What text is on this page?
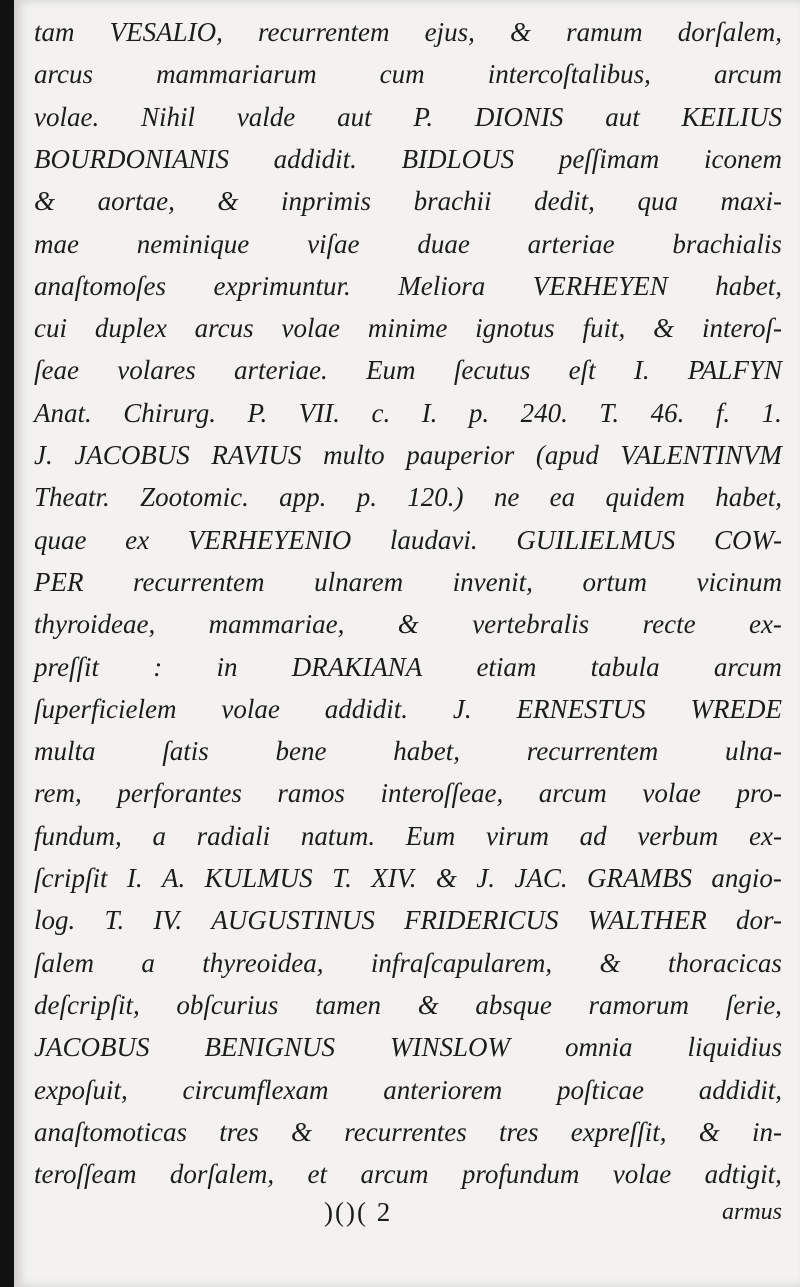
tam VESALIO, recurrentem ejus, & ramum dorſalem,
arcus mammariarum cum intercoſtalibus, arcum
volae. Nihil valde aut P. DIONIS aut KEILIUS
BOURDONIANIS addidit. BIDLOUS peſſimam iconem
& aortae, & inprimis brachii dedit, qua maxi-
mae neminique viſae duae arteriae brachialis
anaſtomoſes exprimuntur. Meliora VERHEYEN habet,
cui duplex arcus volae minime ignotus fuit, & interoſ-
ſeae volares arteriae. Eum ſecutus eſt I. PALFYN
Anat. Chirurg. P. VII. c. I. p. 240. T. 46. f. 1.
J. JACOBUS RAVIUS multo pauperior (apud VALENTINVM
Theatr. Zootomic. app. p. 120.) ne ea quidem habet,
quae ex VERHEYENIO laudavi. GUILIELMUS COW-
PER recurrentem ulnarem invenit, ortum vicinum
thyroideae, mammariae, & vertebralis recte ex-
preſſit : in DRAKIANA etiam tabula arcum
ſuperficielem volae addidit. J. ERNESTUS WREDE
multa ſatis bene habet, recurrentem ulna-
rem, perforantes ramos interoſſeae, arcum volae pro-
fundum, a radiali natum. Eum virum ad verbum ex-
ſcripſit I. A. KULMUS T. XIV. & J. JAC. GRAMBS angio-
log. T. IV. AUGUSTINUS FRIDERICUS WALTHER dor-
ſalem a thyreoidea, infraſcapularem, & thoracicas
deſcripſit, obſcurius tamen & absque ramorum ſerie,
JACOBUS BENIGNUS WINSLOW omnia liquidius
expoſuit, circumflexam anteriorem poſticae addidit,
anaſtomoticas tres & recurrentes tres expreſſit, & in-
teroſſeam dorſalem, et arcum profundum volae adtigit,
)()( 2	armus
